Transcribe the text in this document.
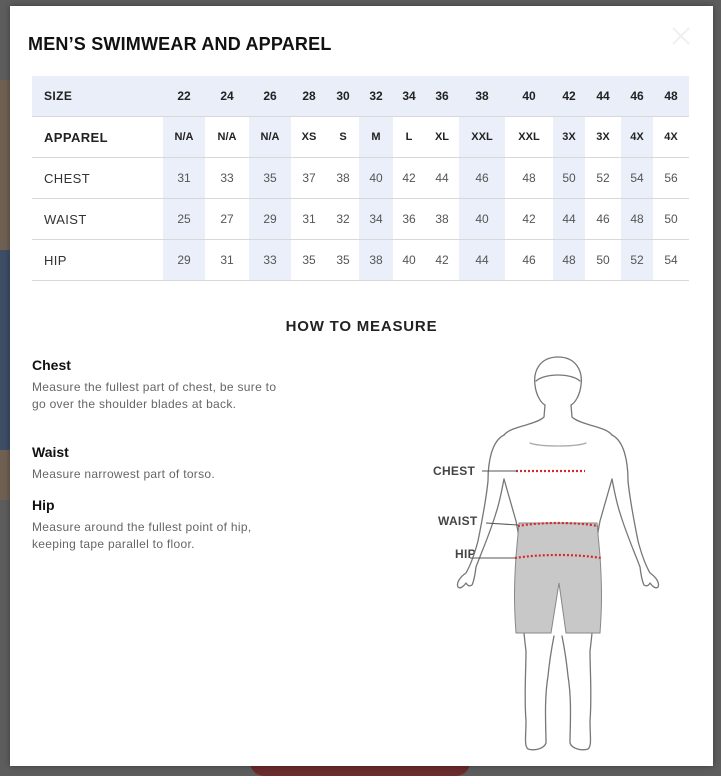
MEN’S SWIMWEAR AND APPAREL
SIZE	22	24	26	28	30	32	34	36	38	40	42	44	46	48
APPAREL	N/A	N/A	N/A	XS	S	M	L	XL	XXL	XXL	3X	3X	4X	4X
CHEST	31	33	35	37	38	40	42	44	46	48	50	52	54	56
WAIST	25	27	29	31	32	34	36	38	40	42	44	46	48	50
HIP	29	31	33	35	35	38	40	42	44	46	48	50	52	54
HOW TO MEASURE
Chest

Measure the fullest part of chest, be sure to go over the shoulder blades at back.

Waist

Measure narrowest part of torso.

Hip

Measure around the fullest point of hip, keeping tape parallel to floor.

CHEST
WAIST
HIP
